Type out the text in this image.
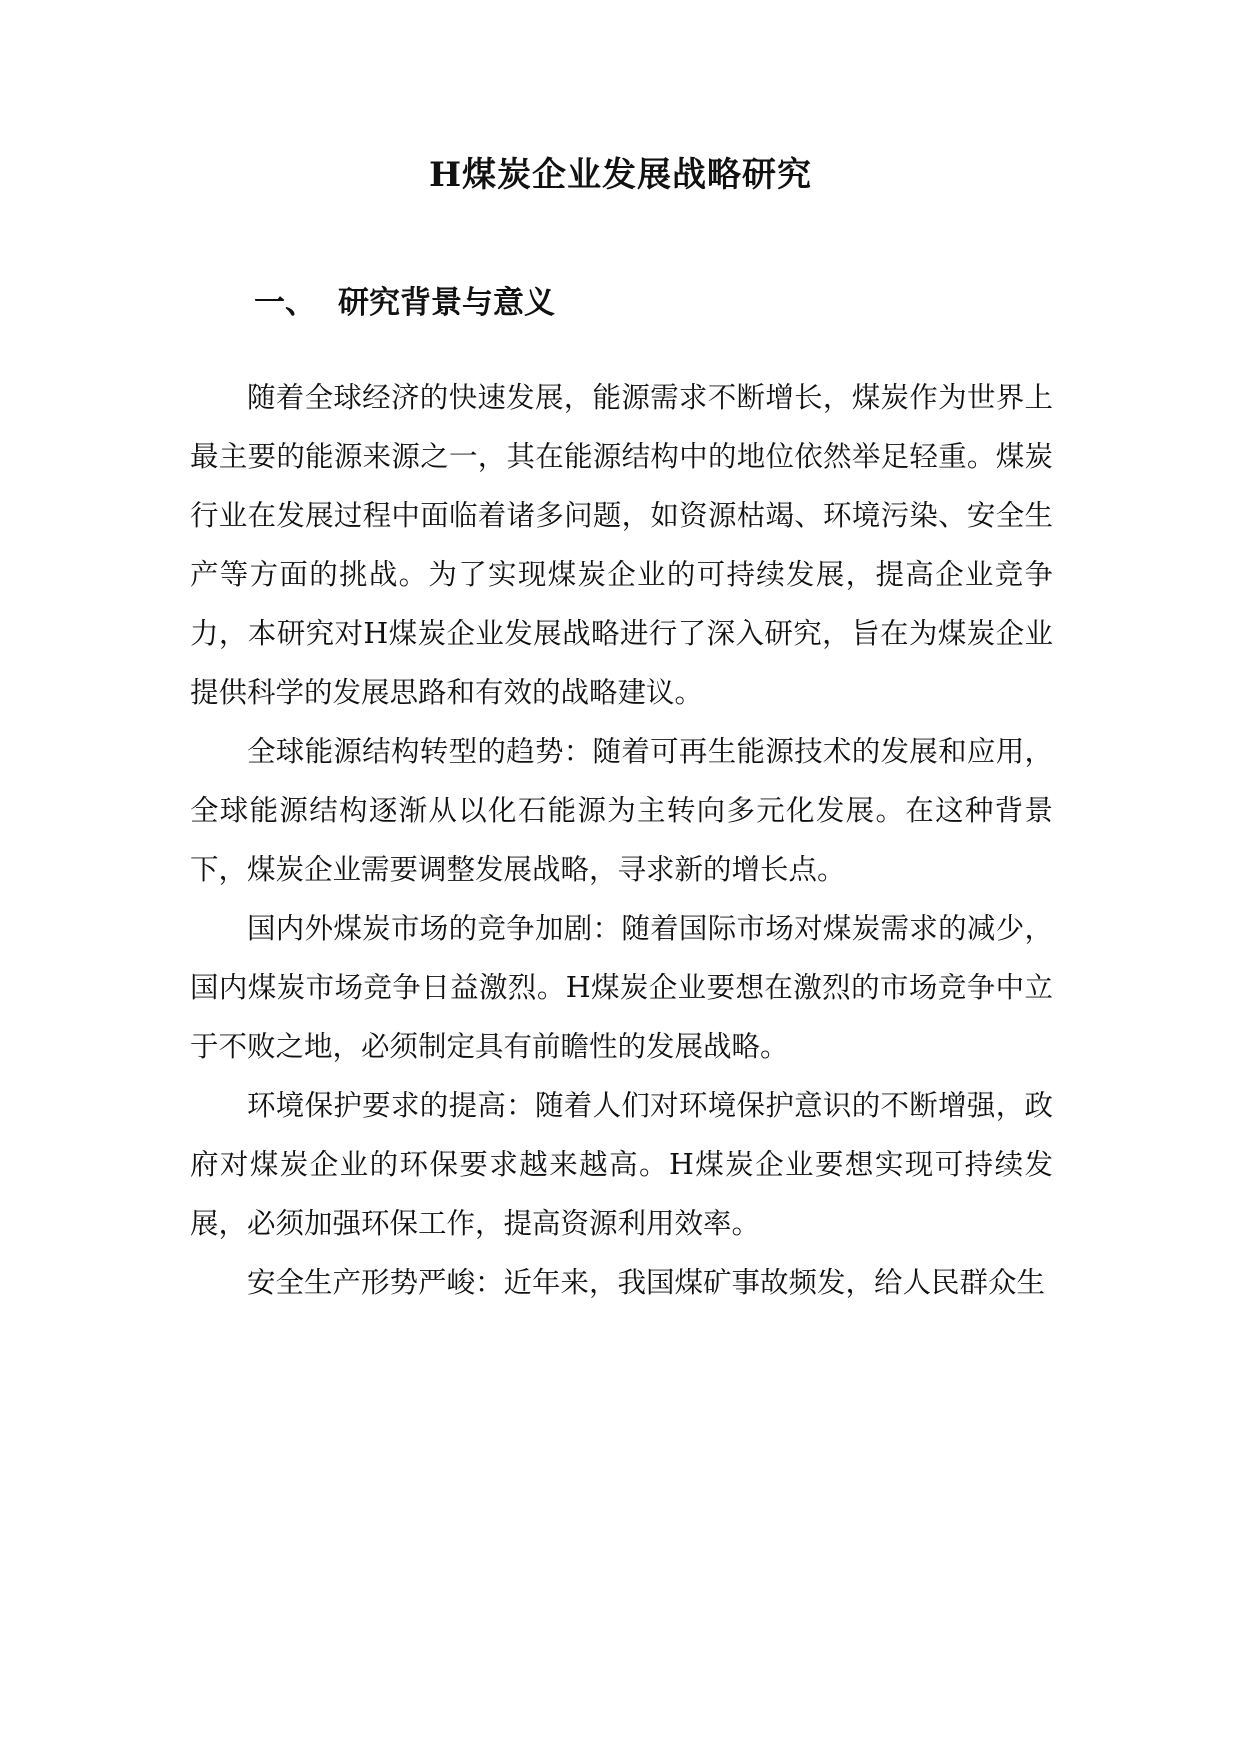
H煤炭企业发展战略研究
一、 研究背景与意义

随着全球经济的快速发展，能源需求不断增长，煤炭作为世界上最主要的能源来源之一，其在能源结构中的地位依然举足轻重。煤炭行业在发展过程中面临着诸多问题，如资源枯竭、环境污染、安全生产等方面的挑战。为了实现煤炭企业的可持续发展，提高企业竞争力，本研究对H煤炭企业发展战略进行了深入研究，旨在为煤炭企业提供科学的发展思路和有效的战略建议。

全球能源结构转型的趋势：随着可再生能源技术的发展和应用，全球能源结构逐渐从以化石能源为主转向多元化发展。在这种背景下，煤炭企业需要调整发展战略，寻求新的增长点。

国内外煤炭市场的竞争加剧：随着国际市场对煤炭需求的减少，国内煤炭市场竞争日益激烈。H煤炭企业要想在激烈的市场竞争中立于不败之地，必须制定具有前瞻性的发展战略。

环境保护要求的提高：随着人们对环境保护意识的不断增强，政府对煤炭企业的环保要求越来越高。H煤炭企业要想实现可持续发展，必须加强环保工作，提高资源利用效率。

安全生产形势严峻：近年来，我国煤矿事故频发，给人民群众生
